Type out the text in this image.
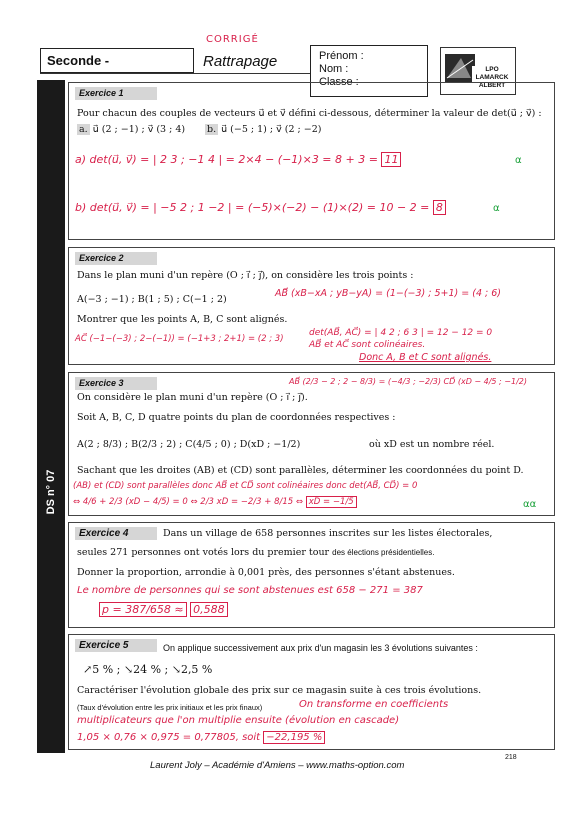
Seconde -
CORRIGÉ
Rattrapage	Prénom :
Nom :
Classe :
LPO LAMARCK
ALBERT
DS n° 07
Exercice 1
Pour chacun des couples de vecteurs u⃗ et v⃗ défini ci-dessous, déterminer la valeur de det(u⃗ ; v⃗) :
a. u⃗ (2 ; −1) ; v⃗ (3 ; 4) b. u⃗ (−5 ; 1) ; v⃗ (2 ; −2)
a) det(u⃗, v⃗) = | 2 3 ; −1 4 | = 2×4 − (−1)×3 = 8 + 3 = 11	α
b) det(u⃗, v⃗) = | −5 2 ; 1 −2 | = (−5)×(−2) − (1)×(2) = 10 − 2 = 8	α
Exercice 2
Dans le plan muni d'un repère (O ; i⃗ ; j⃗), on considère les trois points :
A(−3 ; −1) ; B(1 ; 5) ; C(−1 ; 2)
Montrer que les points A, B, C sont alignés.
AB⃗ (xB−xA ; yB−yA) = (1−(−3) ; 5+1) = (4 ; 6)
AC⃗ (−1−(−3) ; 2−(−1)) = (−1+3 ; 2+1) = (2 ; 3)
det(AB⃗, AC⃗) = | 4 2 ; 6 3 | = 12 − 12 = 0
AB⃗ et AC⃗ sont colinéaires.
Donc A, B et C sont alignés.
Exercice 3
On considère le plan muni d'un repère (O ; i⃗ ; j⃗).
Soit A, B, C, D quatre points du plan de coordonnées respectives :
A(2 ; 8/3) ; B(2/3 ; 2) ; C(4/5 ; 0) ; D(xD ; −1/2)	où xD est un nombre réel.
AB⃗ (2/3 − 2 ; 2 − 8/3) = (−4/3 ; −2/3) CD⃗ (xD − 4/5 ; −1/2)
Sachant que les droites (AB) et (CD) sont parallèles, déterminer les coordonnées du point D.
(AB) et (CD) sont parallèles donc AB⃗ et CD⃗ sont colinéaires donc det(AB⃗, CD⃗) = 0
⇔ 4/6 + 2/3 (xD − 4/5) = 0 ⇔ 2/3 xD = −2/3 + 8/15 ⇔ xD = −1/5	αα
Exercice 4	Dans un village de 658 personnes inscrites sur les listes électorales,
seules 271 personnes ont votés lors du premier tour des élections présidentielles.
Donner la proportion, arrondie à 0,001 près, des personnes s'étant abstenues.
Le nombre de personnes qui se sont abstenues est 658 − 271 = 387
p = 387/658 ≈ 0,588
Exercice 5	On applique successivement aux prix d'un magasin les 3 évolutions suivantes :
↗5 % ; ↘24 % ; ↘2,5 %
Caractériser l'évolution globale des prix sur ce magasin suite à ces trois évolutions.
(Taux d'évolution entre les prix initiaux et les prix finaux)	On transforme en coefficients
multiplicateurs que l'on multiplie ensuite (évolution en cascade)
1,05 × 0,76 × 0,975 = 0,77805, soit −22,195 %
Laurent Joly – Académie d'Amiens – www.maths-option.com
218
